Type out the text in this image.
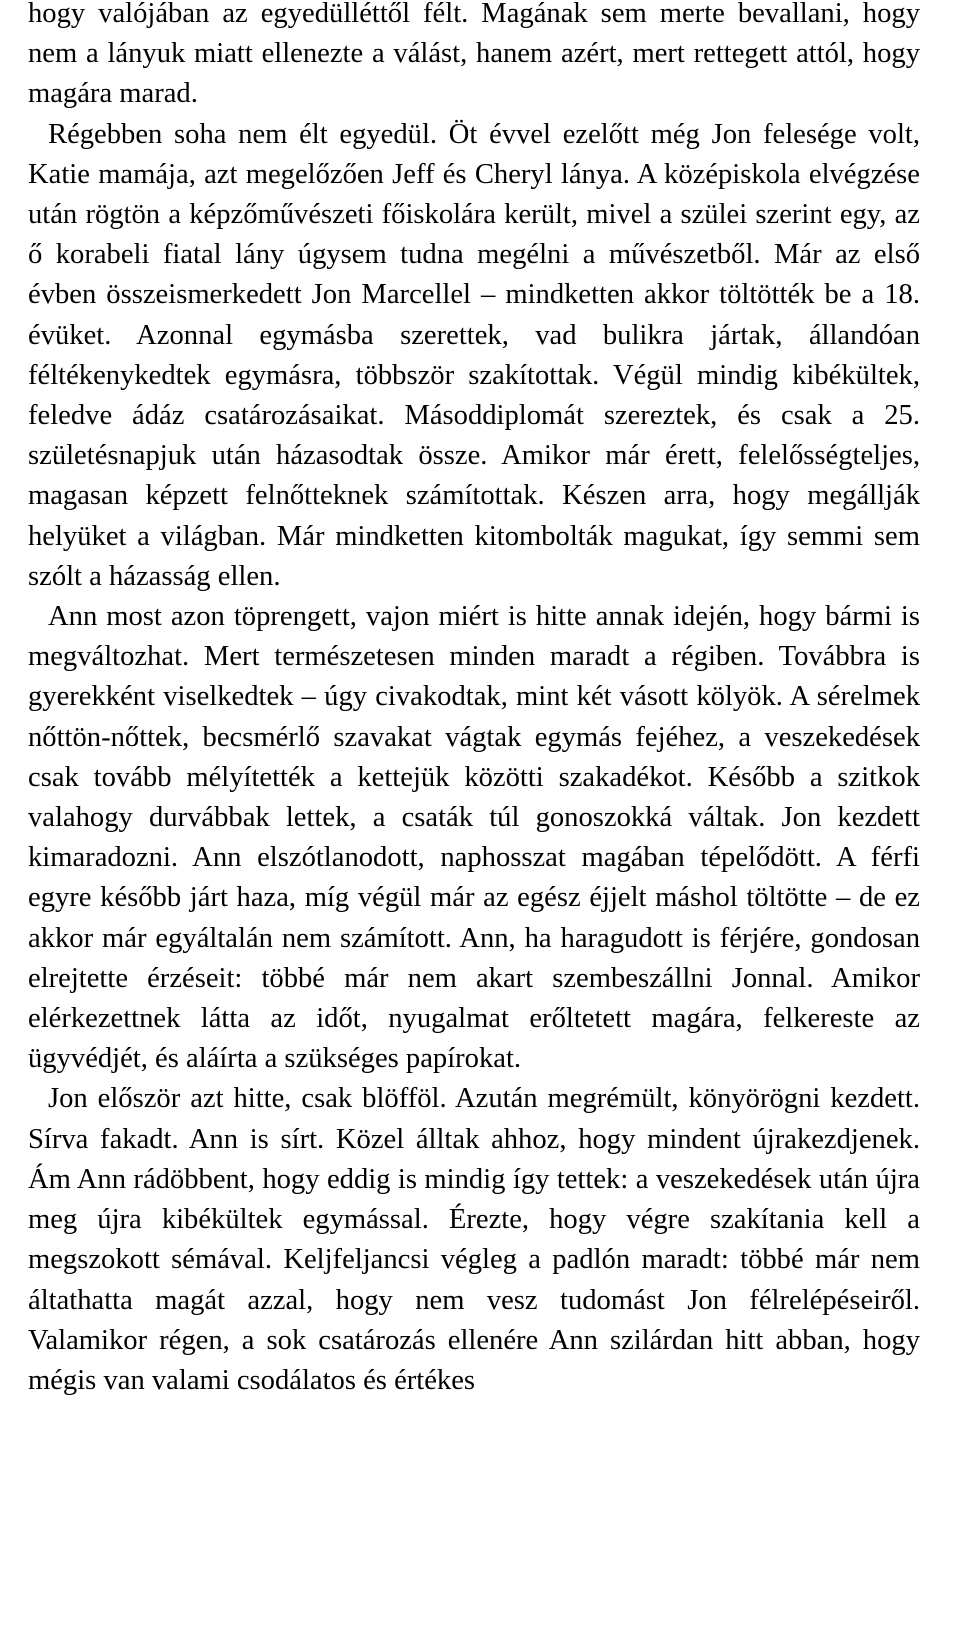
hogy valójában az egyedülléttől félt. Magának sem merte bevallani, hogy nem a lányuk miatt ellenezte a válást, hanem azért, mert rettegett attól, hogy magára marad.

Régebben soha nem élt egyedül. Öt évvel ezelőtt még Jon felesége volt, Katie mamája, azt megelőzően Jeff és Cheryl lánya. A középiskola elvégzése után rögtön a képzőművészeti főiskolára került, mivel a szülei szerint egy, az ő korabeli fiatal lány úgysem tudna megélni a művészetből. Már az első évben összeismerkedett Jon Marcellel – mindketten akkor töltötték be a 18. évüket. Azonnal egymásba szerettek, vad bulikra jártak, állandóan féltékenykedtek egymásra, többször szakítottak. Végül mindig kibékültek, feledve ádáz csatározásaikat. Másoddiplomát szereztek, és csak a 25. születésnapjuk után házasodtak össze. Amikor már érett, felelősségteljes, magasan képzett felnőtteknek számítottak. Készen arra, hogy megállják helyüket a világban. Már mindketten kitombolták magukat, így semmi sem szólt a házasság ellen.

Ann most azon töprengett, vajon miért is hitte annak idején, hogy bármi is megváltozhat. Mert természetesen minden maradt a régiben. Továbbra is gyerekként viselkedtek – úgy civakodtak, mint két vásott kölyök. A sérelmek nőttön-nőttek, becsmérlő szavakat vágtak egymás fejéhez, a veszekedések csak tovább mélyítették a kettejük közötti szakadékot. Később a szitkok valahogy durvábbak lettek, a csaták túl gonoszokká váltak. Jon kezdett kimaradozni. Ann elszótlanodott, naphosszat magában tépelődött. A férfi egyre később járt haza, míg végül már az egész éjjelt máshol töltötte – de ez akkor már egyáltalán nem számított. Ann, ha haragudott is férjére, gondosan elrejtette érzéseit: többé már nem akart szembeszállni Jonnal. Amikor elérkezettnek látta az időt, nyugalmat erőltetett magára, felkereste az ügyvédjét, és aláírta a szükséges papírokat.

Jon először azt hitte, csak blöfföl. Azután megrémült, könyörögni kezdett. Sírva fakadt. Ann is sírt. Közel álltak ahhoz, hogy mindent újrakezdjenek. Ám Ann rádöbbent, hogy eddig is mindig így tettek: a veszekedések után újra meg újra kibékültek egymással. Érezte, hogy végre szakítania kell a megszokott sémával. Keljfeljancsi végleg a padlón maradt: többé már nem áltathatta magát azzal, hogy nem vesz tudomást Jon félrelépéseiről. Valamikor régen, a sok csatározás ellenére Ann szilárdan hitt abban, hogy mégis van valami csodálatos és értékes
